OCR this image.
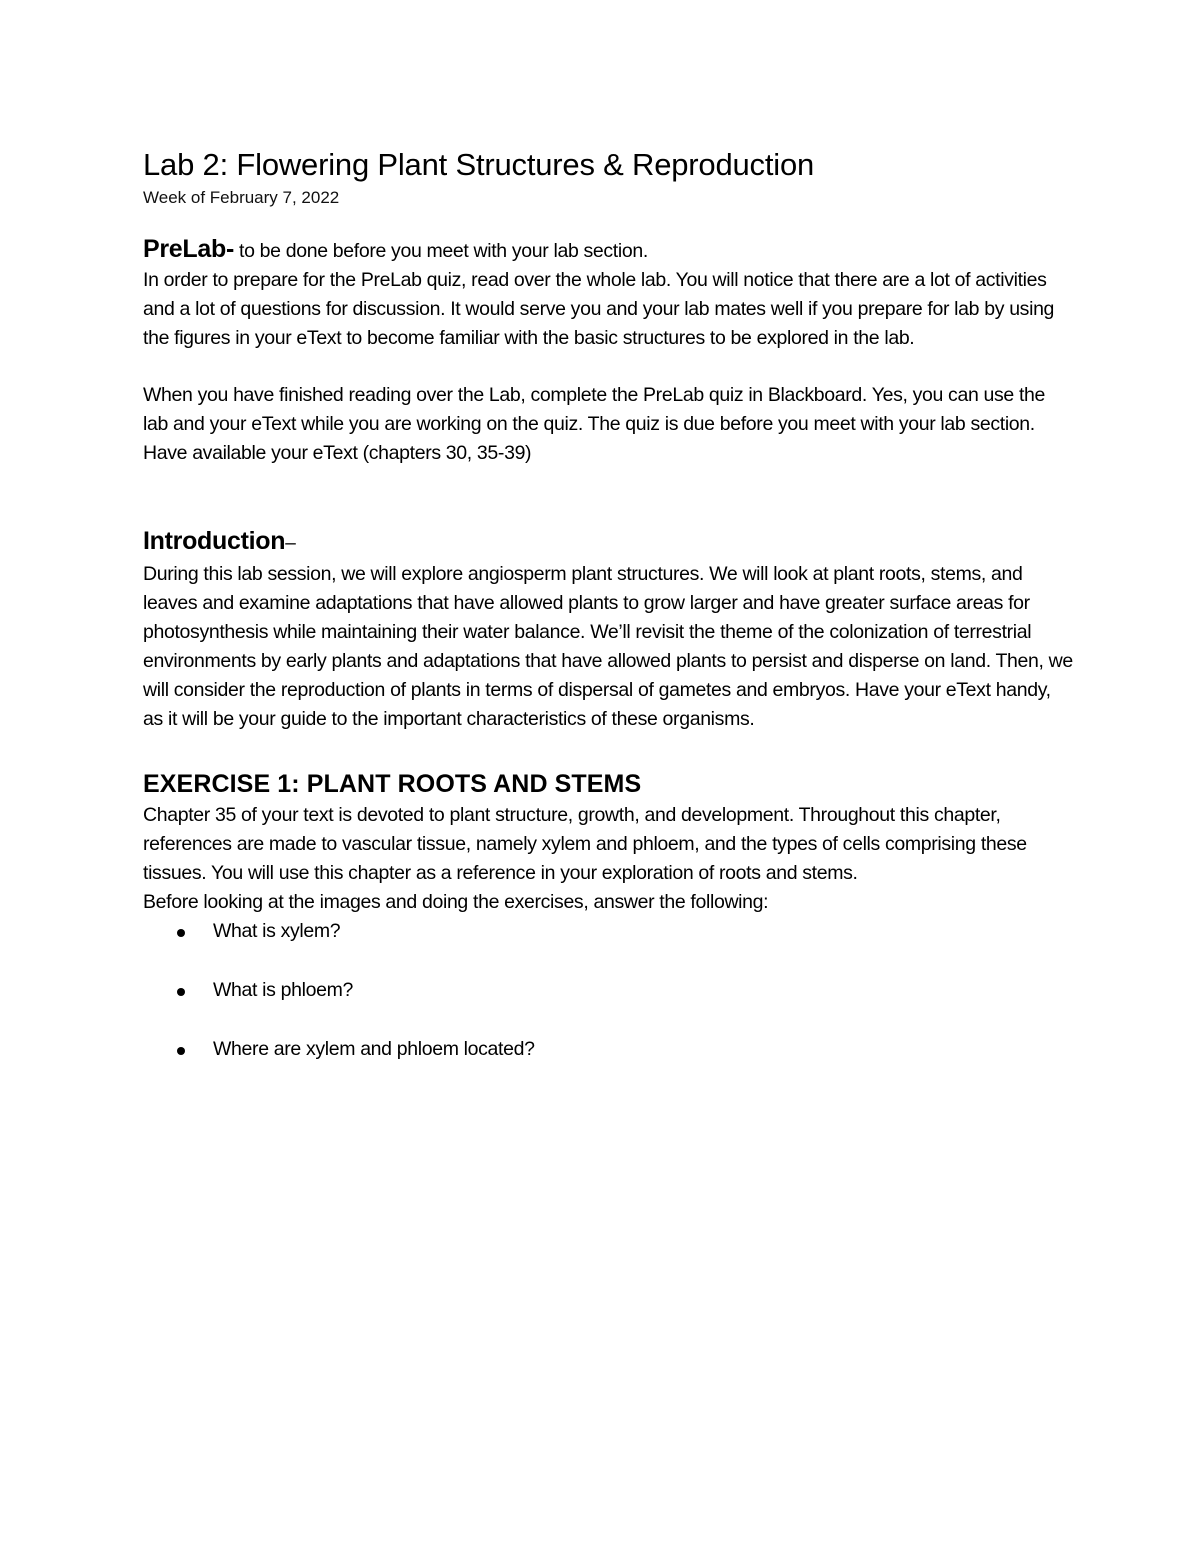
Lab 2: Flowering Plant Structures & Reproduction

Week of February 7, 2022

PreLab- to be done before you meet with your lab section.

In order to prepare for the PreLab quiz, read over the whole lab. You will notice that there are a lot of activities and a lot of questions for discussion. It would serve you and your lab mates well if you prepare for lab by using the figures in your eText to become familiar with the basic structures to be explored in the lab.

When you have finished reading over the Lab, complete the PreLab quiz in Blackboard. Yes, you can use the lab and your eText while you are working on the quiz. The quiz is due before you meet with your lab section.

Have available your eText (chapters 30, 35-39)

Introduction–

During this lab session, we will explore angiosperm plant structures. We will look at plant roots, stems, and leaves and examine adaptations that have allowed plants to grow larger and have greater surface areas for photosynthesis while maintaining their water balance. We’ll revisit the theme of the colonization of terrestrial environments by early plants and adaptations that have allowed plants to persist and disperse on land. Then, we will consider the reproduction of plants in terms of dispersal of gametes and embryos. Have your eText handy, as it will be your guide to the important characteristics of these organisms.

EXERCISE 1: PLANT ROOTS AND STEMS

Chapter 35 of your text is devoted to plant structure, growth, and development. Throughout this chapter, references are made to vascular tissue, namely xylem and phloem, and the types of cells comprising these tissues. You will use this chapter as a reference in your exploration of roots and stems.

Before looking at the images and doing the exercises, answer the following:

What is xylem?
What is phloem?
Where are xylem and phloem located?
